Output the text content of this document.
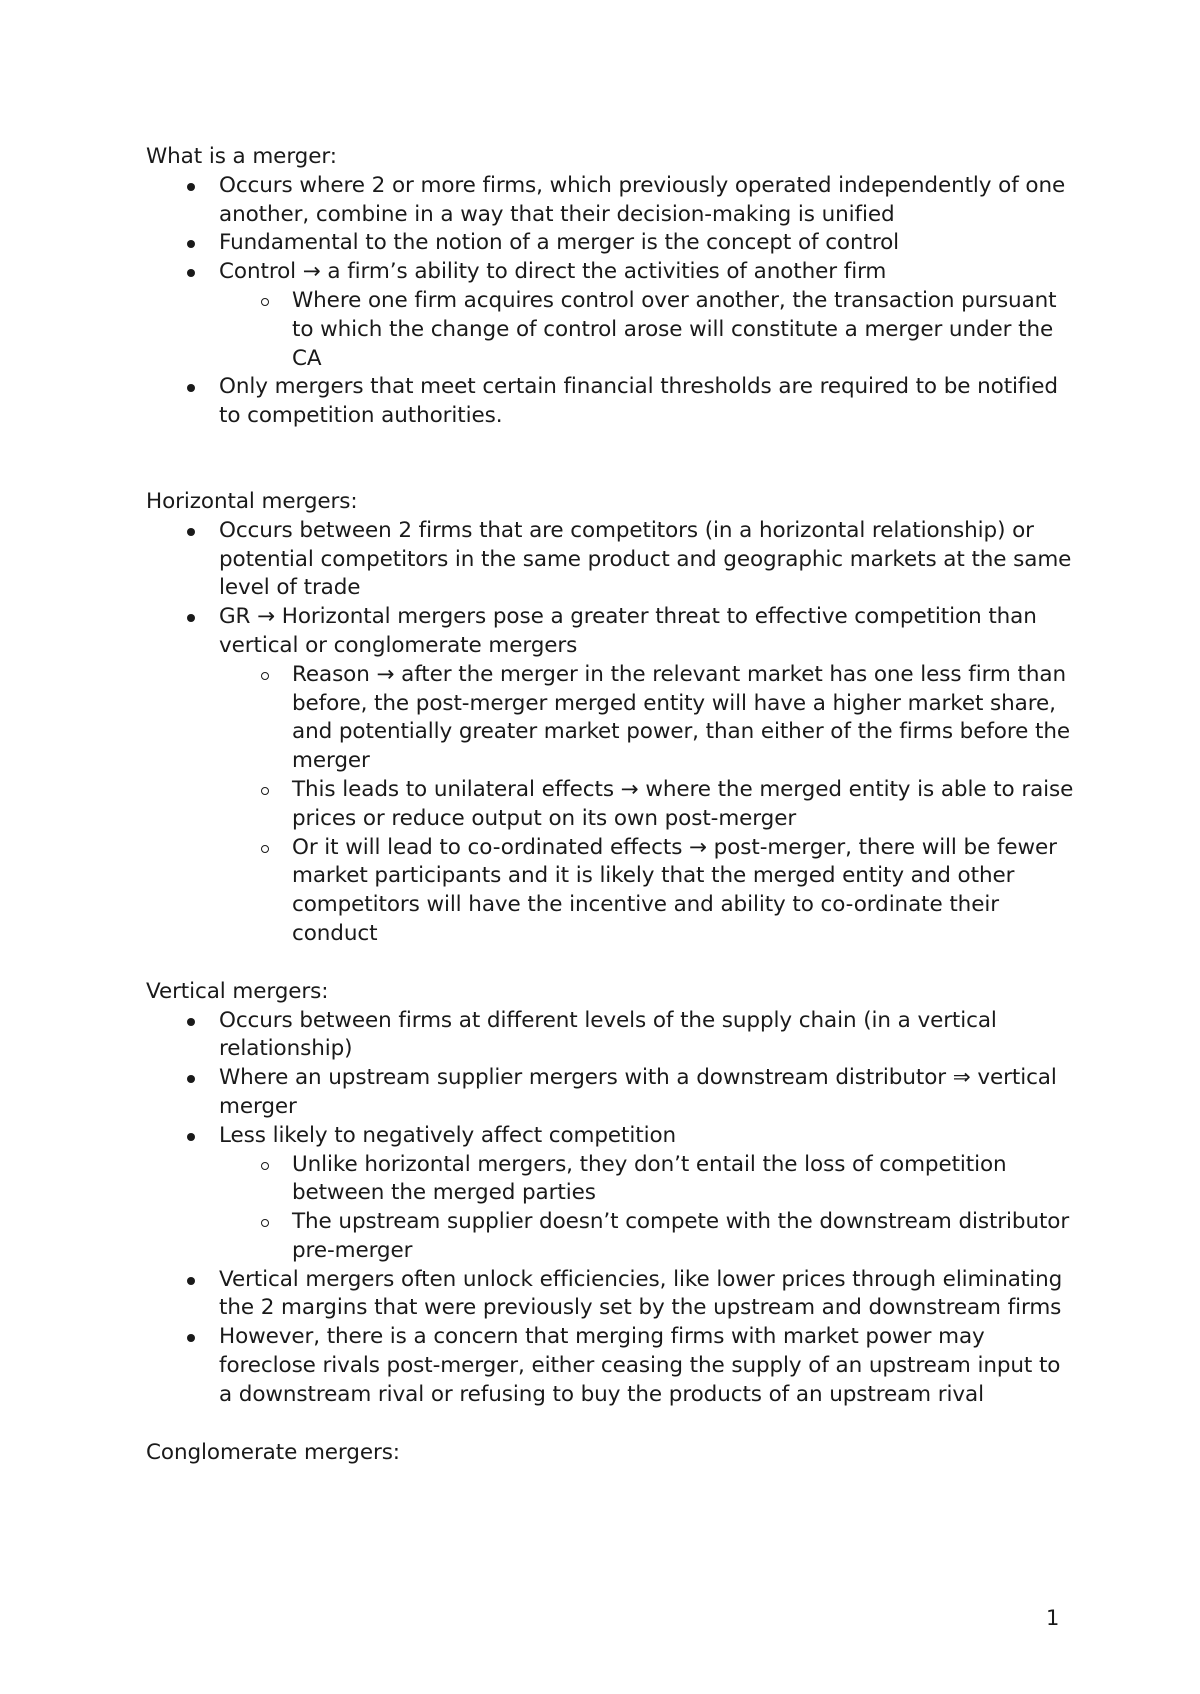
What is a merger:
Occurs where 2 or more firms, which previously operated independently of one another, combine in a way that their decision-making is unified
Fundamental to the notion of a merger is the concept of control
Control → a firm’s ability to direct the activities of another firm
Where one firm acquires control over another, the transaction pursuant to which the change of control arose will constitute a merger under the CA
Only mergers that meet certain financial thresholds are required to be notified to competition authorities.
Horizontal mergers:
Occurs between 2 firms that are competitors (in a horizontal relationship) or potential competitors in the same product and geographic markets at the same level of trade
GR → Horizontal mergers pose a greater threat to effective competition than vertical or conglomerate mergers
Reason → after the merger in the relevant market has one less firm than before, the post-merger merged entity will have a higher market share, and potentially greater market power, than either of the firms before the merger
This leads to unilateral effects → where the merged entity is able to raise prices or reduce output on its own post-merger
Or it will lead to co-ordinated effects → post-merger, there will be fewer market participants and it is likely that the merged entity and other competitors will have the incentive and ability to co-ordinate their conduct
Vertical mergers:
Occurs between firms at different levels of the supply chain (in a vertical relationship)
Where an upstream supplier mergers with a downstream distributor ⇒ vertical merger
Less likely to negatively affect competition
Unlike horizontal mergers, they don’t entail the loss of competition between the merged parties
The upstream supplier doesn’t compete with the downstream distributor pre-merger
Vertical mergers often unlock efficiencies, like lower prices through eliminating the 2 margins that were previously set by the upstream and downstream firms
However, there is a concern that merging firms with market power may foreclose rivals post-merger, either ceasing the supply of an upstream input to a downstream rival or refusing to buy the products of an upstream rival
Conglomerate mergers:
1
